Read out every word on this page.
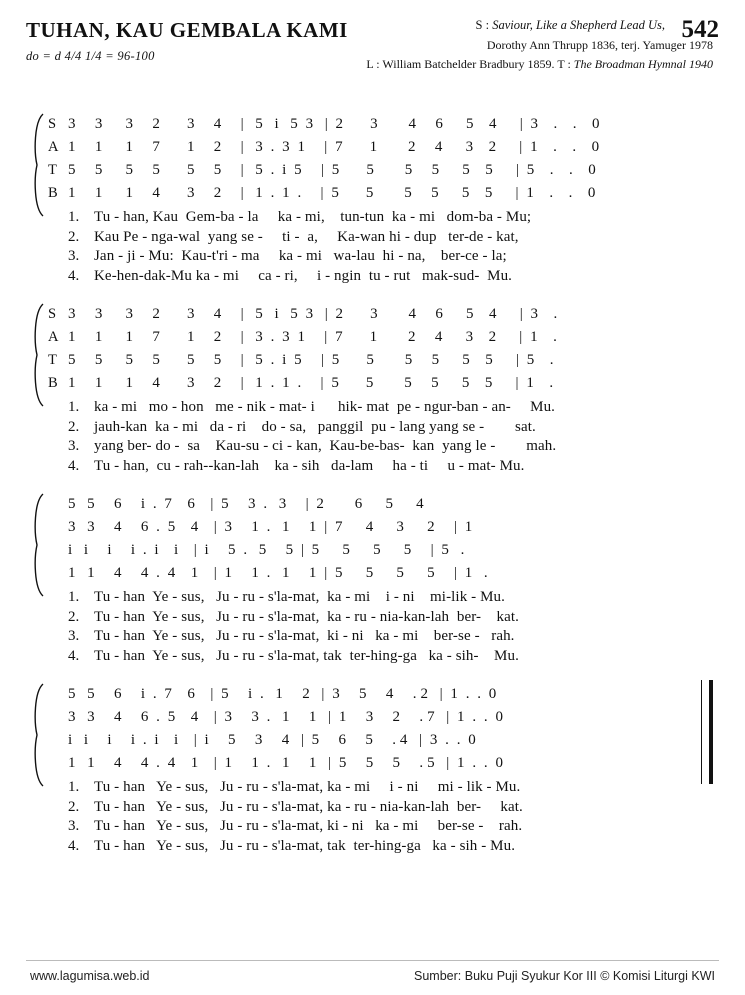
TUHAN, KAU GEMBALA KAMI
do = d 4/4 1/4 = 96-100
542
S : Saviour, Like a Shepherd Lead Us,
Dorothy Ann Thrupp 1836, terj. Yamuger 1978
L : William Batchelder Bradbury 1859. T : The Broadman Hymnal 1940
S 3     3      3     2       3     4     |   5   i   5  3   |  2       3        4     6      5    4      |  3    .    .    0
A 1     1      1     7       1     2     |   3  .  3  1     |  7       1        2     4      3    2      |  1    .    .    0
T 5     5      5     5       5     5     |   5  .  i  5     |  5       5        5     5      5    5      |  5    .    .    0
B 1     1      1     4       3     2     |   1  .  1  .     |  5       5        5     5      5    5      |  1    .    .    0
1. Tu - han, Kau  Gem-ba - la     ka - mi,    tun-tun  ka - mi   dom-ba - Mu;
2. Kau Pe - nga-wal  yang se -     ti -  a,     Ka-wan hi - dup   ter-de - kat,
3. Jan - ji - Mu:  Kau-t'ri - ma     ka - mi   wa-lau  hi - na,    ber-ce - la;
4. Ke-hen-dak-Mu ka - mi     ca - ri,     i - ngin  tu - rut   mak-sud-  Mu.
S 3     3      3     2       3     4     |   5   i   5  3   |  2       3        4     6      5    4      |  3    .
A 1     1      1     7       1     2     |   3  .  3  1     |  7       1        2     4      3    2      |  1    .
T 5     5      5     5       5     5     |   5  .  i  5     |  5       5        5     5      5    5      |  5    .
B 1     1      1     4       3     2     |   1  .  1  .     |  5       5        5     5      5    5      |  1    .
1. ka - mi   mo - hon   me - nik - mat- i      hik- mat  pe - ngur-ban - an-     Mu.
2. jauh-kan  ka - mi   da - ri    do - sa,   panggil  pu - lang yang se -        sat.
3. yang ber- do -  sa    Kau-su - ci - kan,  Kau-be-bas-  kan  yang le -        mah.
4. Tu - han,  cu - rah--kan-lah    ka - sih   da-lam     ha - ti     u - mat- Mu.
5   5     6     i  .  7    6    |  5     3  .   3     |  2        6      5      4
3   3     4     6  .  5    4    |  3     1  .   1     1  |  7      4      3      2     |  1
i   i     i     i  .  i    i    |  i     5  .   5     5  |  5      5      5      5     |  5   .
1   1     4     4  .  4    1    |  1     1  .   1     1  |  5      5      5      5     |  1   .
1. Tu - han  Ye - sus,   Ju - ru - s'la-mat,  ka - mi    i - ni    mi-lik - Mu.
2. Tu - han  Ye - sus,   Ju - ru - s'la-mat,  ka - ru - nia-kan-lah  ber-    kat.
3. Tu - han  Ye - sus,   Ju - ru - s'la-mat,  ki - ni   ka - mi    ber-se -   rah.
4. Tu - han  Ye - sus,   Ju - ru - s'la-mat, tak  ter-hing-ga   ka - sih-    Mu.
5   5     6     i  .  7    6    |  5     i  .   1     2   |  3     5     4     . 2   |  1  .  .  0
3   3     4     6  .  5    4    |  3     3  .   1     1   |  1     3     2     . 7   |  1  .  .  0
i   i     i     i  .  i    i    |  i     5     3     4   |  5     6     5     . 4   |  3  .  .  0
1   1     4     4  .  4    1    |  1     1  .   1     1   |  5     5     5     . 5   |  1  .  .  0
1. Tu - han   Ye - sus,   Ju - ru - s'la-mat, ka - mi     i - ni     mi - lik - Mu.
2. Tu - han   Ye - sus,   Ju - ru - s'la-mat, ka - ru - nia-kan-lah  ber-     kat.
3. Tu - han   Ye - sus,   Ju - ru - s'la-mat, ki - ni   ka - mi     ber-se -    rah.
4. Tu - han   Ye - sus,   Ju - ru - s'la-mat, tak  ter-hing-ga   ka - sih - Mu.
www.lagumisa.web.id	Sumber: Buku Puji Syukur Kor III © Komisi Liturgi KWI
